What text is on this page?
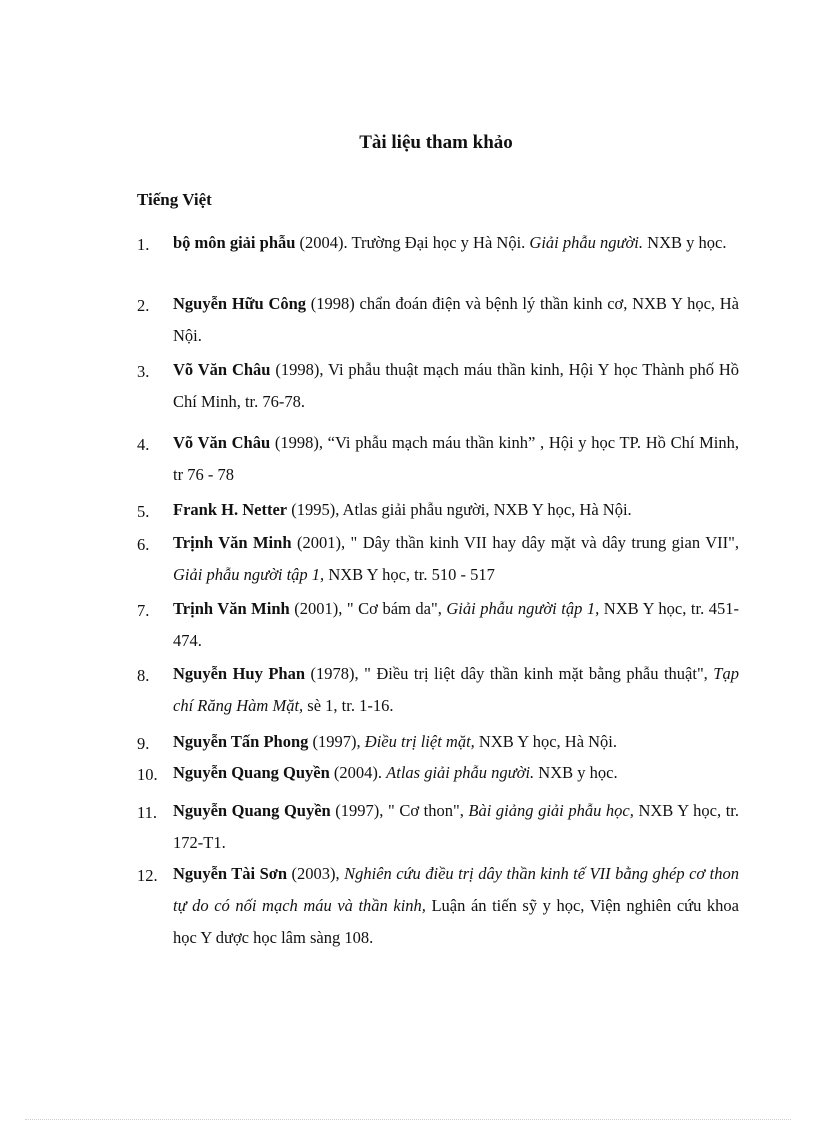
Tài liệu tham khảo
Tiếng Việt
1.	bộ môn giải phẫu (2004). Trường Đại học y Hà Nội. Giải phẫu người. NXB y học.
2.	Nguyễn Hữu Công (1998) chẩn đoán điện và bệnh lý thần kinh cơ, NXB Y học, Hà Nội.
3.	Võ Văn Châu (1998), Vi phẫu thuật mạch máu thần kinh, Hội Y học Thành phố Hồ Chí Minh, tr. 76-78.
4.	Võ Văn Châu (1998), “Vi phẫu mạch máu thần kinh” , Hội y học TP. Hồ Chí Minh, tr 76 - 78
5.	Frank H. Netter (1995), Atlas giải phẫu người, NXB Y học, Hà Nội.
6.	Trịnh Văn Minh (2001), " Dây thần kinh VII hay dây mặt và dây trung gian VII", Giải phẫu người tập 1, NXB Y học, tr. 510 - 517
7.	Trịnh Văn Minh (2001), " Cơ bám da", Giải phẫu người tập 1, NXB Y học, tr. 451- 474.
8.	Nguyễn Huy Phan (1978), " Điều trị liệt dây thần kinh mặt bằng phẫu thuật", Tạp chí Răng Hàm Mặt, sè 1, tr. 1-16.
9.	Nguyễn Tấn Phong (1997), Điều trị liệt mặt, NXB Y học, Hà Nội.
10. Nguyễn Quang Quyền (2004). Atlas giải phẫu người. NXB y học.
11. Nguyễn Quang Quyền (1997), " Cơ thon", Bài giảng giải phẫu học, NXB Y học, tr. 172-T1.
12. Nguyễn Tài Sơn (2003), Nghiên cứu điều trị dây thần kinh tế VII bằng ghép cơ thon tự do có nối mạch máu và thần kinh, Luận án tiến sỹ y học, Viện nghiên cứu khoa học Y dược học lâm sàng 108.
